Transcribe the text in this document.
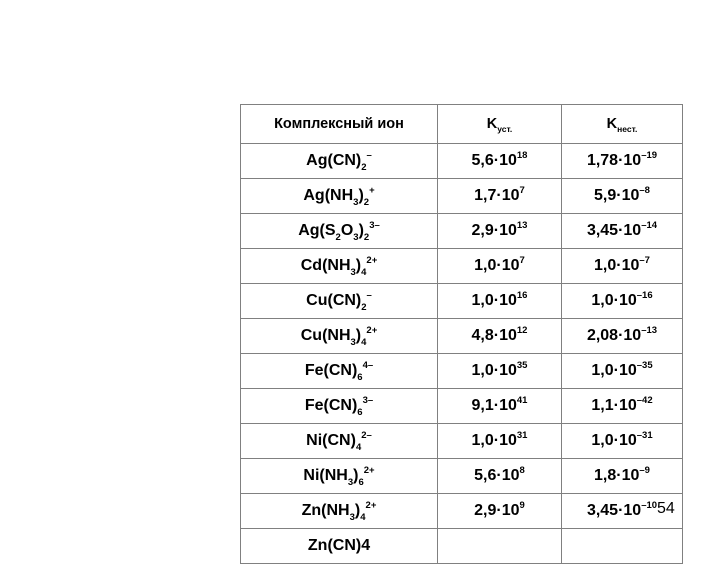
Комплексный ион	$K_{уст.}$	$K_{нест.}$
$Ag(CN)_2^-$	$5,6\cdot 10^{18}$	$1,78\cdot 10^{-19}$
$Ag(NH_3)_2^+$	$1,7\cdot 10^7$	$5,9\cdot 10^{-8}$
$Ag(S_2O_3)_2^{3-}$	$2,9\cdot 10^{13}$	$3,45\cdot 10^{-14}$
$Cd(NH_3)_4^{2+}$	$1,0\cdot 10^7$	$1,0\cdot 10^{-7}$
$Cu(CN)_2^-$	$1,0\cdot 10^{16}$	$1,0\cdot 10^{-16}$
$Cu(NH_3)_4^{2+}$	$4,8\cdot 10^{12}$	$2,08\cdot 10^{-13}$
$Fe(CN)_6^{4-}$	$1,0\cdot 10^{35}$	$1,0\cdot 10^{-35}$
$Fe(CN)_6^{3-}$	$9,1\cdot 10^{41}$	$1,1\cdot 10^{-42}$
$Ni(CN)_4^{2-}$	$1,0\cdot 10^{31}$	$1,0\cdot 10^{-31}$
$Ni(NH_3)_6^{2+}$	$5,6\cdot 10^8$	$1,8\cdot 10^{-9}$
$Zn(NH_3)_4^{2+}$	$2,9\cdot 10^9$	$3,45\cdot 10^{-10}$
Zn(CN)4		
54
